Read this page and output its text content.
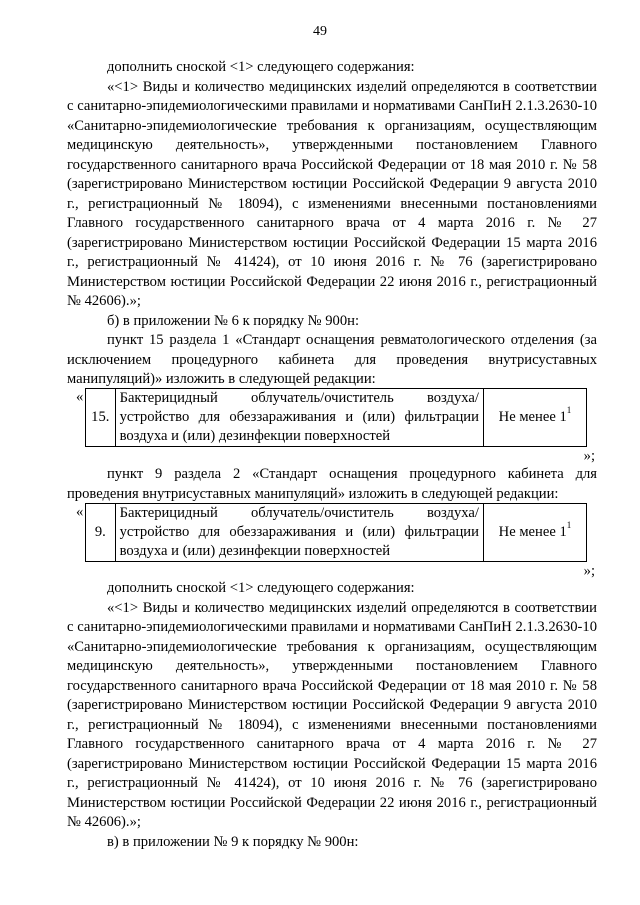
49

дополнить сноской <1> следующего содержания:

«<1> Виды и количество медицинских изделий определяются в соответствии с санитарно-эпидемиологическими правилами и нормативами СанПиН 2.1.3.2630-10 «Санитарно-эпидемиологические требования к организациям, осуществляющим медицинскую деятельность», утвержденными постановлением Главного государственного санитарного врача Российской Федерации от 18 мая 2010 г. № 58 (зарегистрировано Министерством юстиции Российской Федерации 9 августа 2010 г., регистрационный № 18094), с изменениями внесенными постановлениями Главного государственного санитарного врача от 4 марта 2016 г. № 27 (зарегистрировано Министерством юстиции Российской Федерации 15 марта 2016 г., регистрационный № 41424), от 10 июня 2016 г. № 76 (зарегистрировано Министерством юстиции Российской Федерации 22 июня 2016 г., регистрационный № 42606).»;

б) в приложении № 6 к порядку № 900н:

пункт 15 раздела 1 «Стандарт оснащения ревматологического отделения (за исключением процедурного кабинета для проведения внутрисуставных манипуляций)» изложить в следующей редакции:

«
15.	Бактерицидный облучатель/очиститель воздуха/устройство для обеззараживания и (или) фильтрации воздуха и (или) дезинфекции поверхностей	Не менее $1^1$
»;

пункт 9 раздела 2 «Стандарт оснащения процедурного кабинета для проведения внутрисуставных манипуляций» изложить в следующей редакции:

«
9.	Бактерицидный облучатель/очиститель воздуха/устройство для обеззараживания и (или) фильтрации воздуха и (или) дезинфекции поверхностей	Не менее $1^1$
»;

дополнить сноской <1> следующего содержания:

«<1> Виды и количество медицинских изделий определяются в соответствии с санитарно-эпидемиологическими правилами и нормативами СанПиН 2.1.3.2630-10 «Санитарно-эпидемиологические требования к организациям, осуществляющим медицинскую деятельность», утвержденными постановлением Главного государственного санитарного врача Российской Федерации от 18 мая 2010 г. № 58 (зарегистрировано Министерством юстиции Российской Федерации 9 августа 2010 г., регистрационный № 18094), с изменениями внесенными постановлениями Главного государственного санитарного врача от 4 марта 2016 г. № 27 (зарегистрировано Министерством юстиции Российской Федерации 15 марта 2016 г., регистрационный № 41424), от 10 июня 2016 г. № 76 (зарегистрировано Министерством юстиции Российской Федерации 22 июня 2016 г., регистрационный № 42606).»;

в) в приложении № 9 к порядку № 900н:
